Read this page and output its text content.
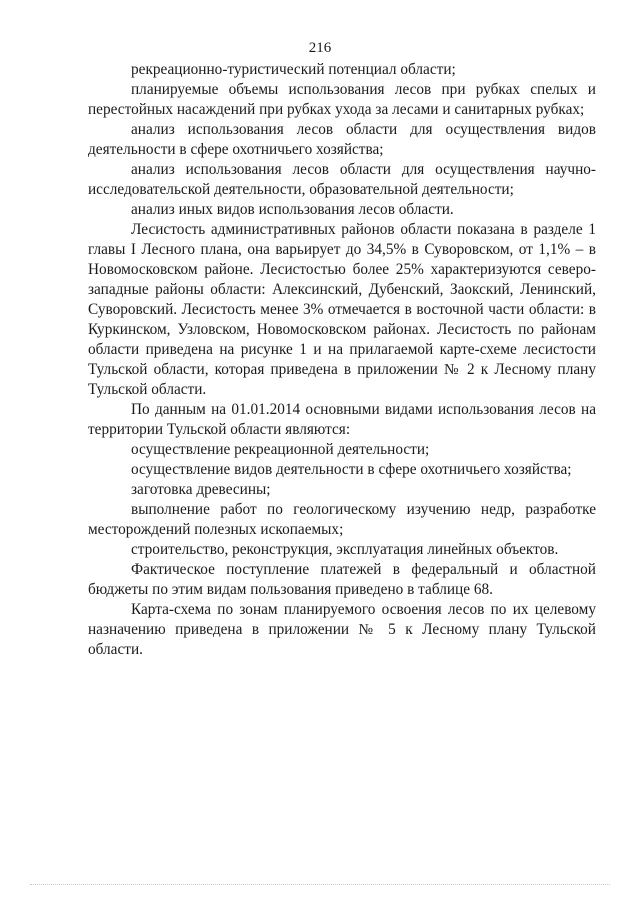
216

рекреационно-туристический потенциал области;

планируемые объемы использования лесов при рубках спелых и перестойных насаждений при рубках ухода за лесами и санитарных рубках;

анализ использования лесов области для осуществления видов деятельности в сфере охотничьего хозяйства;

анализ использования лесов области для осуществления научно-исследовательской деятельности, образовательной деятельности;

анализ иных видов использования лесов области.

Лесистость административных районов области показана в разделе 1 главы I Лесного плана, она варьирует до 34,5% в Суворовском, от 1,1% – в Новомосковском районе. Лесистостью более 25% характеризуются северо-западные районы области: Алексинский, Дубенский, Заокский, Ленинский, Суворовский. Лесистость менее 3% отмечается в восточной части области: в Куркинском, Узловском, Новомосковском районах. Лесистость по районам области приведена на рисунке 1 и на прилагаемой карте-схеме лесистости Тульской области, которая приведена в приложении № 2 к Лесному плану Тульской области.

По данным на 01.01.2014 основными видами использования лесов на территории Тульской области являются:

осуществление рекреационной деятельности;

осуществление видов деятельности в сфере охотничьего хозяйства;

заготовка древесины;

выполнение работ по геологическому изучению недр, разработке месторождений полезных ископаемых;

строительство, реконструкция, эксплуатация линейных объектов.

Фактическое поступление платежей в федеральный и областной бюджеты по этим видам пользования приведено в таблице 68.

Карта-схема по зонам планируемого освоения лесов по их целевому назначению приведена в приложении № 5 к Лесному плану Тульской области.
